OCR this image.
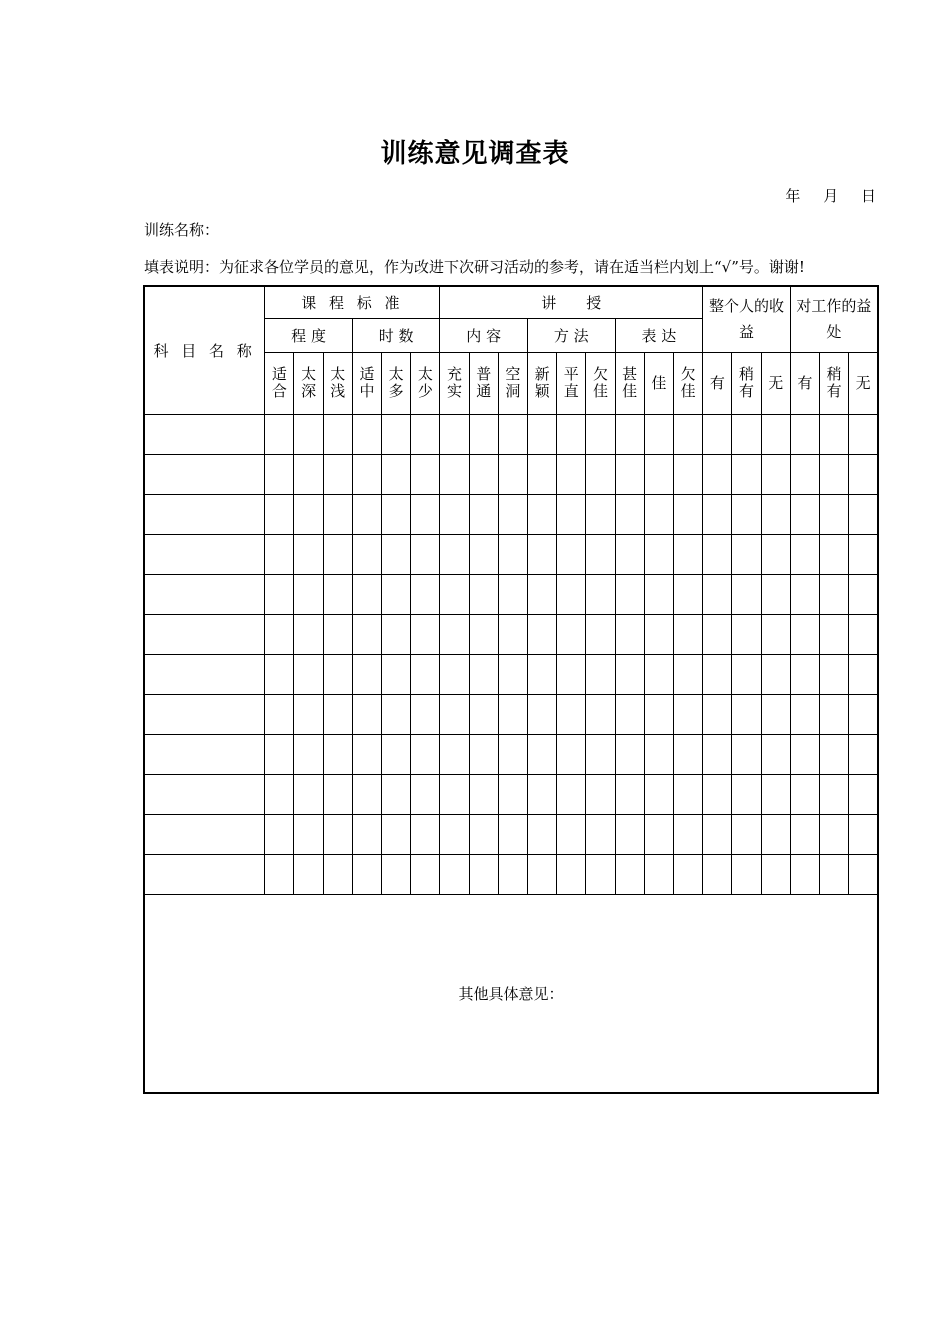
训练意见调查表
年 月 日
训练名称：
填表说明：为征求各位学员的意见，作为改进下次研习活动的参考，请在适当栏内划上“√”号。谢谢!
科 目 名 称	课 程 标 准						讲　　授									整个人的收益			对工作的益处		
	程 度			时 数			内 容			方 法			表 达								
	适合	太深	太浅	适中	太多	太少	充实	普通	空洞	新颖	平直	欠佳	甚佳	佳	欠佳	有	稍有	无	有	稍有	无

其他具体意见：																					
